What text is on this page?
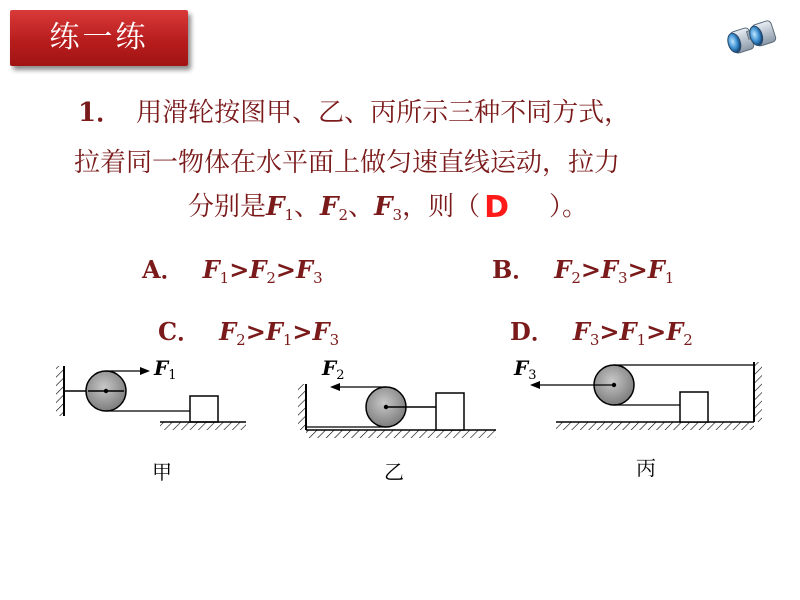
练一练
1． 用滑轮按图甲、乙、丙所示三种不同方式，
拉着同一物体在水平面上做匀速直线运动，拉力
分别是$F_1$、$F_2$、$F_3$，则（ D ）。
A． $F_1>F_2>F_3$	B． $F_2>F_3>F_1$
C． $F_2>F_1>F_3$	D． $F_3>F_1>F_2$
$F_1$	$F_2$	$F_3$
甲	乙	丙
